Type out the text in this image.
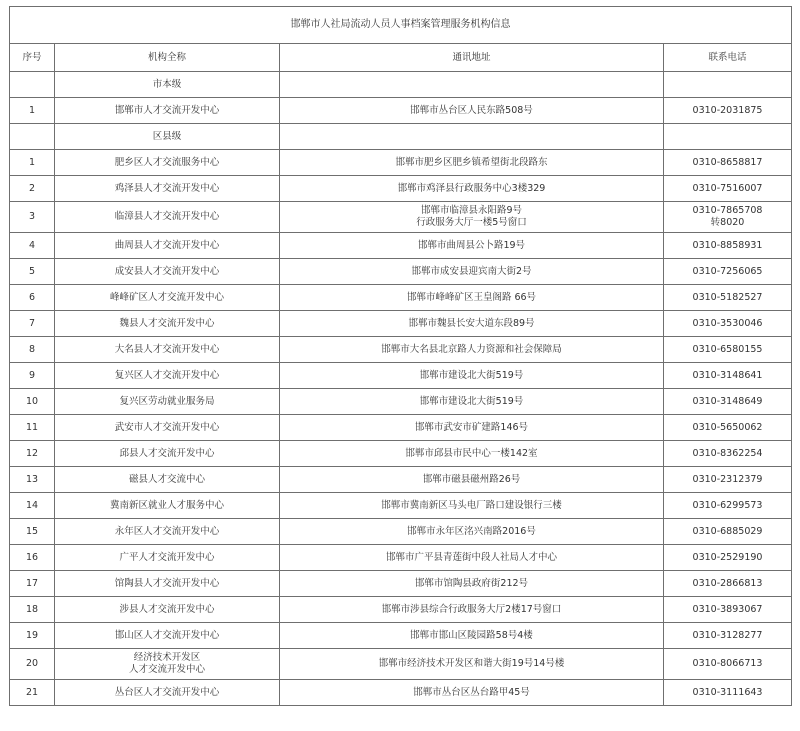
邯郸市人社局流动人员人事档案管理服务机构信息			
序号	机构全称	通讯地址	联系电话
	市本级		
1	邯郸市人才交流开发中心	邯郸市丛台区人民东路508号	0310-2031875

	区县级		
1	肥乡区人才交流服务中心	邯郸市肥乡区肥乡镇希望街北段路东	0310-8658817

2	鸡泽县人才交流开发中心	邯郸市鸡泽县行政服务中心3楼329	0310-7516007

3	临漳县人才交流开发中心	邯郸市临漳县永阳路9号
行政服务大厅一楼5号窗口	0310-7865708
转8020

4	曲周县人才交流开发中心	邯郸市曲周县公卜路19号	0310-8858931

5	成安县人才交流开发中心	邯郸市成安县迎宾南大街2号	0310-7256065

6	峰峰矿区人才交流开发中心	邯郸市峰峰矿区王皇阁路 66号	0310-5182527

7	魏县人才交流开发中心	邯郸市魏县长安大道东段89号	0310-3530046

8	大名县人才交流开发中心	邯郸市大名县北京路人力资源和社会保障局	0310-6580155

9	复兴区人才交流开发中心	邯郸市建设北大街519号	0310-3148641

10	复兴区劳动就业服务局	邯郸市建设北大街519号	0310-3148649

11	武安市人才交流开发中心	邯郸市武安市矿建路146号	0310-5650062

12	邱县人才交流开发中心	邯郸市邱县市民中心一楼142室	0310-8362254

13	磁县人才交流中心	邯郸市磁县磁州路26号	0310-2312379

14	冀南新区就业人才服务中心	邯郸市冀南新区马头电厂路口建设银行三楼	0310-6299573

15	永年区人才交流开发中心	邯郸市永年区洺兴南路2016号	0310-6885029

16	广平人才交流开发中心	邯郸市广平县青莲街中段人社局人才中心	0310-2529190

17	馆陶县人才交流开发中心	邯郸市馆陶县政府街212号	0310-2866813

18	涉县人才交流开发中心	邯郸市涉县综合行政服务大厅2楼17号窗口	0310-3893067

19	邯山区人才交流开发中心	邯郸市邯山区陵园路58号4楼	0310-3128277

20	经济技术开发区
人才交流开发中心	邯郸市经济技术开发区和谐大街19号14号楼	0310-8066713

21	丛台区人才交流开发中心	邯郸市丛台区丛台路甲45号	0310-3111643
